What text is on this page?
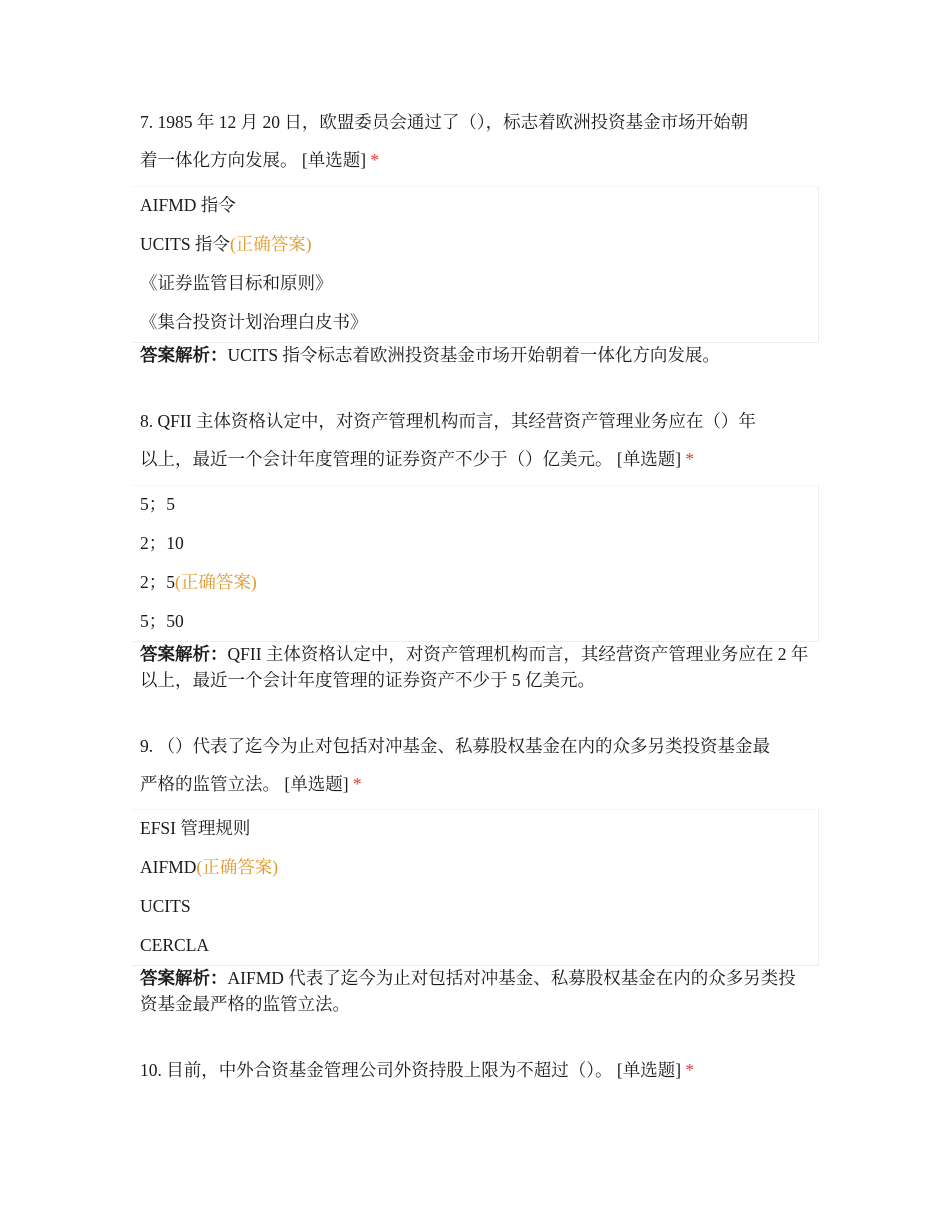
7. 1985 年 12 月 20 日，欧盟委员会通过了（），标志着欧洲投资基金市场开始朝
着一体化方向发展。 [单选题] *
AIFMD 指令
UCITS 指令(正确答案)
《证券监管目标和原则》
《集合投资计划治理白皮书》
答案解析：UCITS 指令标志着欧洲投资基金市场开始朝着一体化方向发展。
8. QFII 主体资格认定中，对资产管理机构而言，其经营资产管理业务应在（）年
以上，最近一个会计年度管理的证券资产不少于（）亿美元。 [单选题] *
5；5
2；10
2；5(正确答案)
5；50
答案解析：QFII 主体资格认定中，对资产管理机构而言，其经营资产管理业务应在 2 年以上，最近一个会计年度管理的证券资产不少于 5 亿美元。
9. （）代表了迄今为止对包括对冲基金、私募股权基金在内的众多另类投资基金最
严格的监管立法。 [单选题] *
EFSI 管理规则
AIFMD(正确答案)
UCITS
CERCLA
答案解析：AIFMD 代表了迄今为止对包括对冲基金、私募股权基金在内的众多另类投资基金最严格的监管立法。
10. 目前，中外合资基金管理公司外资持股上限为不超过（）。 [单选题] *
